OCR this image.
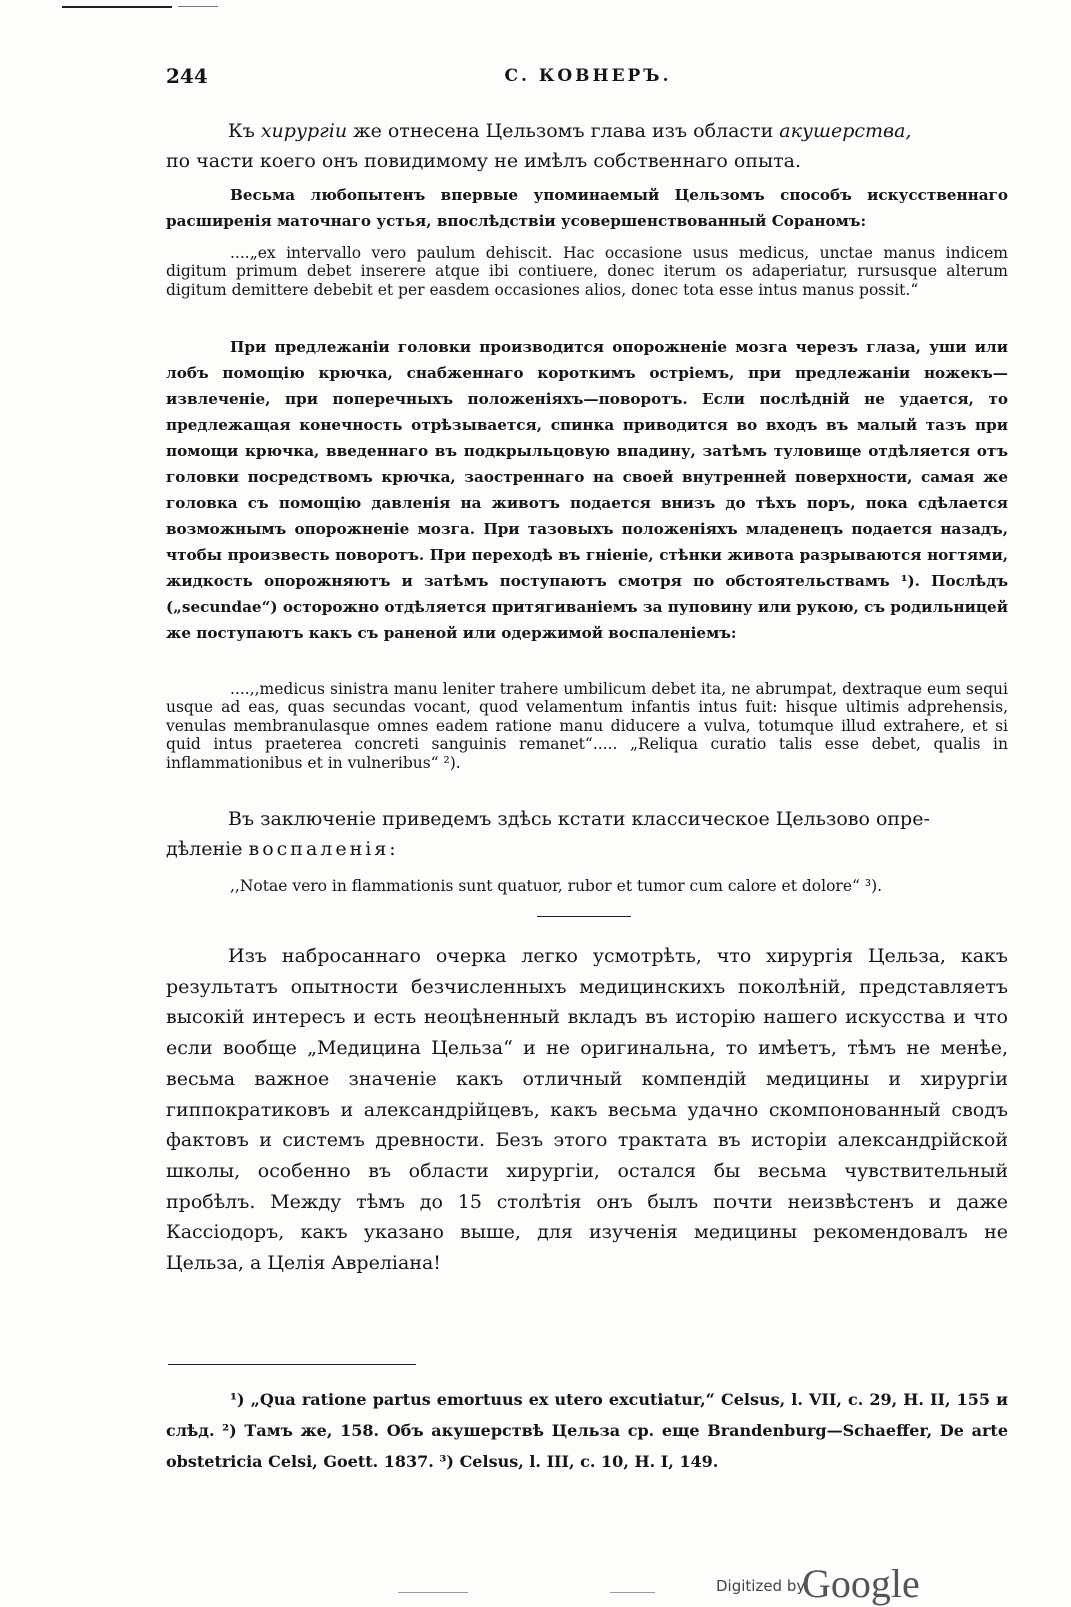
244	С. КОВНЕРЪ.

Къ хирургіи же отнесена Цельзомъ глава изъ области акушерства,

по части коего онъ повидимому не имѣлъ собственнаго опыта.

Весьма любопытенъ впервые упоминаемый Цельзомъ способъ искусственнаго расширенія маточнаго устья, впослѣдствіи усовершенствованный Сораномъ:

....„ex intervallo vero paulum dehiscit. Hac occasione usus medicus, unctae manus indicem digitum primum debet inserere atque ibi contiuere, donec iterum os adaperiatur, rursusque alterum digitum demittere debebit et per easdem occasiones alios, donec tota esse intus manus possit.“

При предлежаніи головки производится опорожненіе мозга черезъ глаза, уши или лобъ помощію крючка, снабженнаго короткимъ остріемъ, при предлежаніи ножекъ—извлеченіе, при поперечныхъ положеніяхъ—поворотъ. Если послѣдній не удается, то предлежащая конечность отрѣзывается, спинка приводится во входъ въ малый тазъ при помощи крючка, введеннаго въ подкрыльцовую впадину, затѣмъ туловище отдѣляется отъ головки посредствомъ крючка, заостреннаго на своей внутренней поверхности, самая же головка съ помощію давленія на животъ подается внизъ до тѣхъ поръ, пока сдѣлается возможнымъ опорожненіе мозга. При тазовыхъ положеніяхъ младенецъ подается назадъ, чтобы произвесть поворотъ. При переходѣ въ гніеніе, стѣнки живота разрываются ногтями, жидкость опорожняютъ и затѣмъ поступаютъ смотря по обстоятельствамъ ¹). Послѣдъ („secundae“) осторожно отдѣляется притягиваніемъ за пуповину или рукою, съ родильницей же поступаютъ какъ съ раненой или одержимой воспаленіемъ:

....,,medicus sinistra manu leniter trahere umbilicum debet ita, ne abrumpat, dextraque eum sequi usque ad eas, quas secundas vocant, quod velamentum infantis intus fuit: hisque ultimis adprehensis, venulas membranulasque omnes eadem ratione manu diducere a vulva, totumque illud extrahere, et si quid intus praeterea concreti sanguinis remanet“..... „Reliqua curatio talis esse debet, qualis in inflammationibus et in vulneribus“ ²).

Въ заключеніе приведемъ здѣсь кстати классическое Цельзово опре-

дѣленіе воспаленія:

,,Notae vero in flammationis sunt quatuor, rubor et tumor cum calore et dolore“ ³).

Изъ набросаннаго очерка легко усмотрѣть, что хирургія Цельза, какъ результатъ опытности безчисленныхъ медицинскихъ поколѣній, представляетъ высокій интересъ и есть неоцѣненный вкладъ въ исторію нашего искусства и что если вообще „Медицина Цельза“ и не оригинальна, то имѣетъ, тѣмъ не менѣе, весьма важное значеніе какъ отличный компендій медицины и хирургіи гиппократиковъ и александрійцевъ, какъ весьма удачно скомпонованный сводъ фактовъ и системъ древности. Безъ этого трактата въ исторіи александрійской школы, особенно въ области хирургіи, остался бы весьма чувствительный пробѣлъ. Между тѣмъ до 15 столѣтія онъ былъ почти неизвѣстенъ и даже Кассіодоръ, какъ указано выше, для изученія медицины рекомендовалъ не Цельза, а Целія Авреліана!

¹) „Qua ratione partus emortuus ex utero excutiatur,“ Celsus, l. VII, c. 29, H. II, 155 и слѣд. ²) Тамъ же, 158. Объ акушерствѣ Цельза ср. еще Brandenburg—Schaeffer, De arte obstetricia Celsi, Goett. 1837. ³) Celsus, l. III, c. 10, H. I, 149.

Digitized by
Google
